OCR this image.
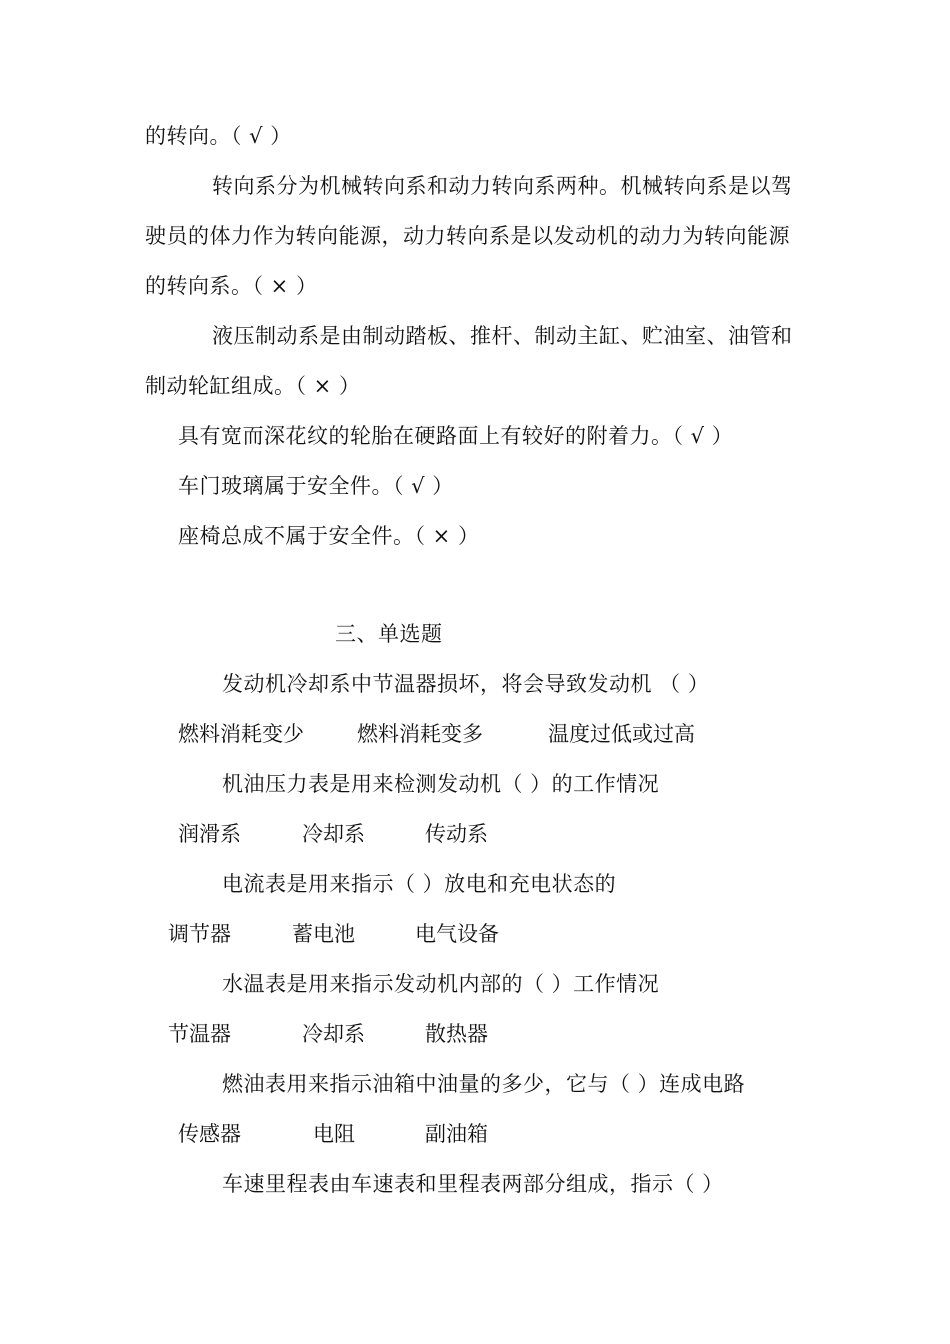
的转向。（ √ ）
转向系分为机械转向系和动力转向系两种。机械转向系是以驾
驶员的体力作为转向能源，动力转向系是以发动机的动力为转向能源
的转向系。（ × ）
液压制动系是由制动踏板、推杆、制动主缸、贮油室、油管和
制动轮缸组成。（ × ）
具有宽而深花纹的轮胎在硬路面上有较好的附着力。（ √ ）
车门玻璃属于安全件。（ √ ）
座椅总成不属于安全件。（ × ）
三、单选题
发动机冷却系中节温器损坏，将会导致发动机 （ ）
燃料消耗变少	燃料消耗变多	温度过低或过高
机油压力表是用来检测发动机（ ）的工作情况
润滑系	冷却系	传动系
电流表是用来指示（ ）放电和充电状态的
调节器	蓄电池	电气设备
水温表是用来指示发动机内部的（ ）工作情况
节温器	冷却系	散热器
燃油表用来指示油箱中油量的多少，它与（ ）连成电路
传感器	电阻	副油箱
车速里程表由车速表和里程表两部分组成，指示（ ）
